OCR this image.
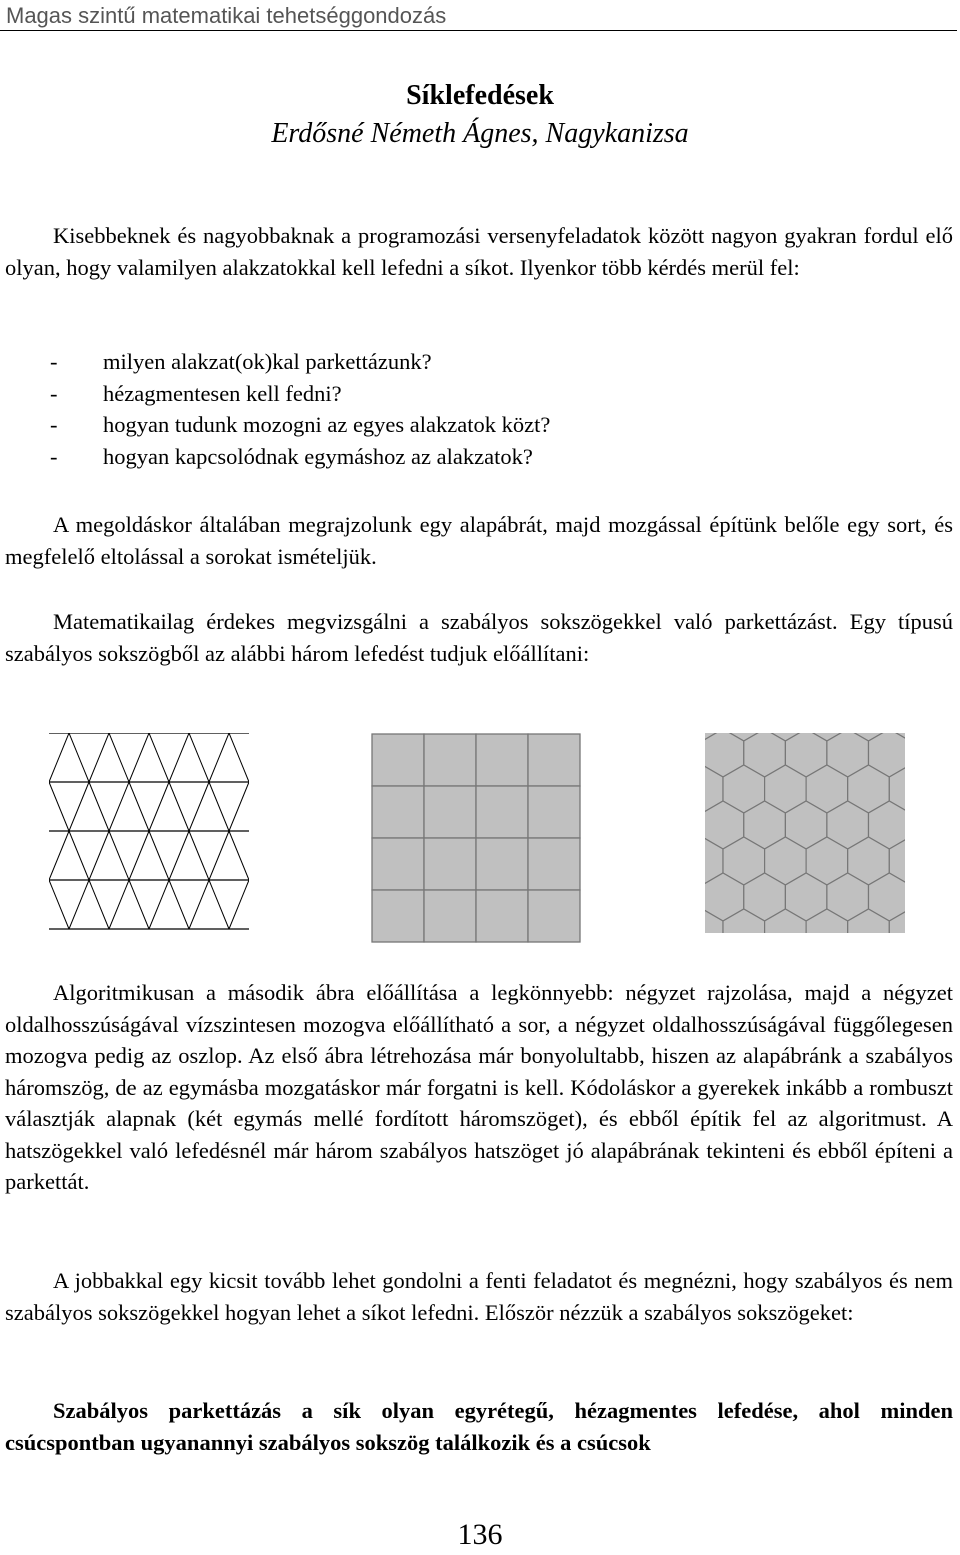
Magas szintű matematikai tehetséggondozás
Síklefedések
Erdősné Németh Ágnes, Nagykanizsa
Kisebbeknek és nagyobbaknak a programozási versenyfeladatok között nagyon gyakran fordul elő olyan, hogy valamilyen alakzatokkal kell lefedni a síkot. Ilyenkor több kérdés merül fel:
- milyen alakzat(ok)kal parkettázunk?
- hézagmentesen kell fedni?
- hogyan tudunk mozogni az egyes alakzatok közt?
- hogyan kapcsolódnak egymáshoz az alakzatok?
A megoldáskor általában megrajzolunk egy alapábrát, majd mozgással építünk belőle egy sort, és megfelelő eltolással a sorokat ismételjük.
Matematikailag érdekes megvizsgálni a szabályos sokszögekkel való parkettázást. Egy típusú szabályos sokszögből az alábbi három lefedést tudjuk előállítani:
Algoritmikusan a második ábra előállítása a legkönnyebb: négyzet rajzolása, majd a négyzet oldalhosszúságával vízszintesen mozogva előállítható a sor, a négyzet oldalhosszúságával függőlegesen mozogva pedig az oszlop. Az első ábra létrehozása már bonyolultabb, hiszen az alapábránk a szabályos háromszög, de az egymásba mozgatáskor már forgatni is kell. Kódoláskor a gyerekek inkább a rombuszt választják alapnak (két egymás mellé fordított háromszöget), és ebből építik fel az algoritmust. A hatszögekkel való lefedésnél már három szabályos hatszöget jó alapábrának tekinteni és ebből építeni a parkettát.
A jobbakkal egy kicsit tovább lehet gondolni a fenti feladatot és megnézni, hogy szabályos és nem szabályos sokszögekkel hogyan lehet a síkot lefedni. Először nézzük a szabályos sokszögeket:
Szabályos parkettázás a sík olyan egyrétegű, hézagmentes lefedése, ahol minden csúcspontban ugyanannyi szabályos sokszög találkozik és a csúcsok
136
